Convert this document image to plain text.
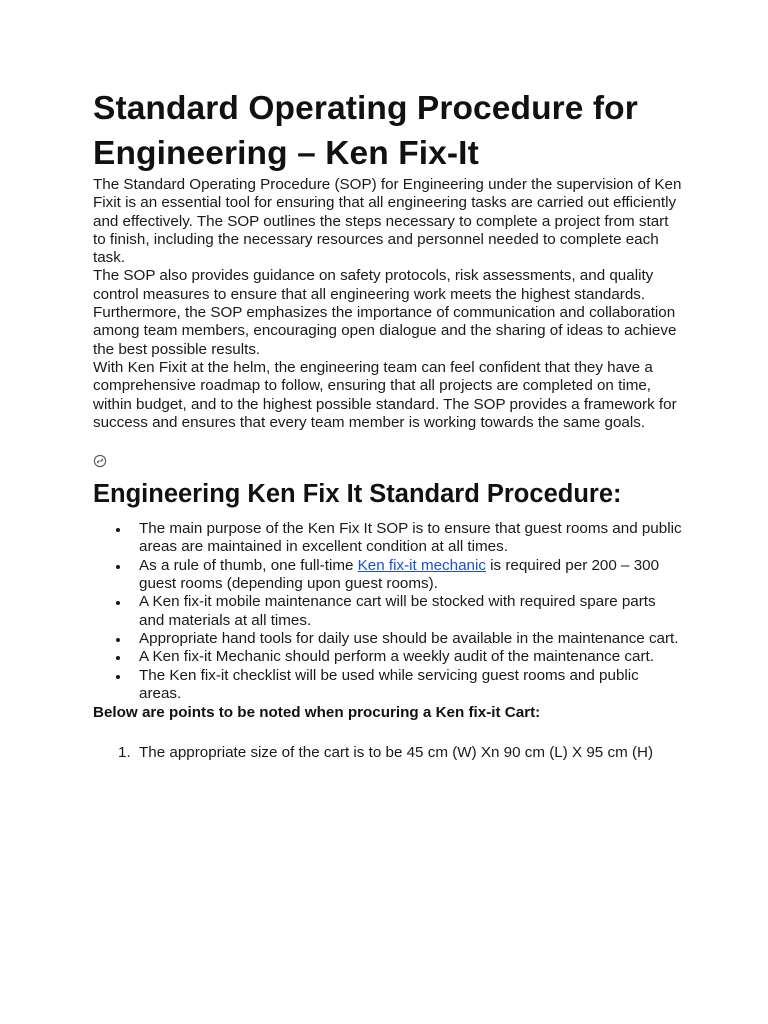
Standard Operating Procedure for Engineering – Ken Fix-It

The Standard Operating Procedure (SOP) for Engineering under the supervision of Ken Fixit is an essential tool for ensuring that all engineering tasks are carried out efficiently and effectively. The SOP outlines the steps necessary to complete a project from start to finish, including the necessary resources and personnel needed to complete each task.

The SOP also provides guidance on safety protocols, risk assessments, and quality control measures to ensure that all engineering work meets the highest standards. Furthermore, the SOP emphasizes the importance of communication and collaboration among team members, encouraging open dialogue and the sharing of ideas to achieve the best possible results.

With Ken Fixit at the helm, the engineering team can feel confident that they have a comprehensive roadmap to follow, ensuring that all projects are completed on time, within budget, and to the highest possible standard. The SOP provides a framework for success and ensures that every team member is working towards the same goals.

Engineering Ken Fix It Standard Procedure:
The main purpose of the Ken Fix It SOP is to ensure that guest rooms and public areas are maintained in excellent condition at all times.
As a rule of thumb, one full-time Ken fix-it mechanic is required per 200 – 300 guest rooms (depending upon guest rooms).
A Ken fix-it mobile maintenance cart will be stocked with required spare parts and materials at all times.
Appropriate hand tools for daily use should be available in the maintenance cart.
A Ken fix-it Mechanic should perform a weekly audit of the maintenance cart.
The Ken fix-it checklist will be used while servicing guest rooms and public areas.

Below are points to be noted when procuring a Ken fix-it Cart:

1. The appropriate size of the cart is to be 45 cm (W) Xn 90 cm (L) X 95 cm (H)
